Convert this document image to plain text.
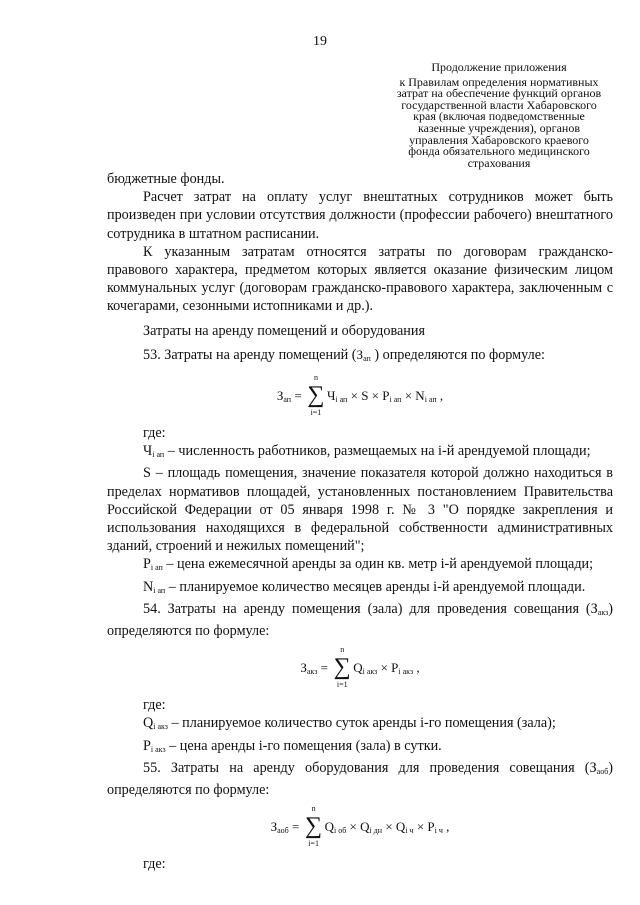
19
Продолжение приложения
к Правилам определения нормативных
затрат на обеспечение функций органов
государственной власти Хабаровского
края (включая подведомственные
казенные учреждения), органов
управления Хабаровского краевого
фонда обязательного медицинского
страхования

бюджетные фонды.

Расчет затрат на оплату услуг внештатных сотрудников может быть произведен при условии отсутствия должности (профессии рабочего) внештатного сотрудника в штатном расписании.

К указанным затратам относятся затраты по договорам гражданско-правового характера, предметом которых является оказание физическим лицом коммунальных услуг (договорам гражданско-правового характера, заключенным с кочегарами, сезонными истопниками и др.).

Затраты на аренду помещений и оборудования

53. Затраты на аренду помещений ($З_{ап}$ ) определяются по формуле:

$З_{ап}$ =
n
∑
i=1
$Ч_{i ап} \times S \times P_{i ап} \times N_{i ап}$ ,

где:

$Ч_{i ап}$ – численность работников, размещаемых на i-й арендуемой площади;

S – площадь помещения, значение показателя которой должно находиться в пределах нормативов площадей, установленных постановлением Правительства Российской Федерации от 05 января 1998 г. № 3 "О порядке закрепления и использования находящихся в федеральной собственности административных зданий, строений и нежилых помещений";

$P_{i ап}$ – цена ежемесячной аренды за один кв. метр i-й арендуемой площади;

$N_{i ап}$ – планируемое количество месяцев аренды i-й арендуемой площади.

54. Затраты на аренду помещения (зала) для проведения совещания $(З_{акз})$ определяются по формуле:

$З_{акз}$ =
n
∑
i=1
$Q_{i акз} \times P_{i акз}$ ,

где:

$Q_{i акз}$ – планируемое количество суток аренды i-го помещения (зала);

$P_{i акз}$ – цена аренды i-го помещения (зала) в сутки.

55. Затраты на аренду оборудования для проведения совещания $(З_{аоб})$ определяются по формуле:

$З_{аоб}$ =
n
∑
i=1
$Q_{i об} \times Q_{i дн} \times Q_{i ч} \times P_{i ч}$ ,

где:
